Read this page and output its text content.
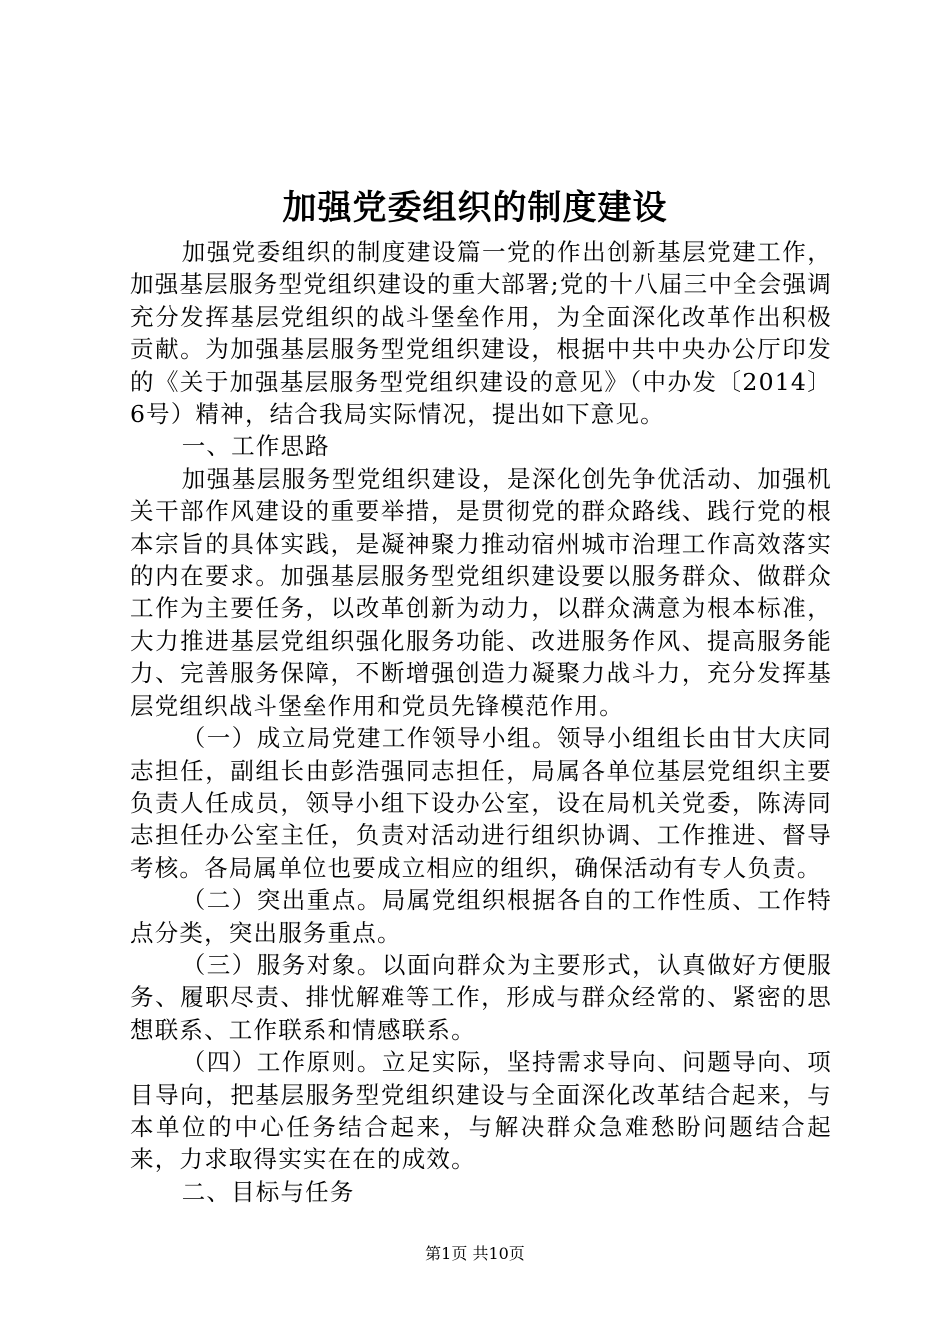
加强党委组织的制度建设

加强党委组织的制度建设篇一党的作出创新基层党建工作，加强基层服务型党组织建设的重大部署;党的十八届三中全会强调充分发挥基层党组织的战斗堡垒作用，为全面深化改革作出积极贡献。为加强基层服务型党组织建设，根据中共中央办公厅印发的《关于加强基层服务型党组织建设的意见》（中办发〔2014〕6号）精神，结合我局实际情况，提出如下意见。

一、工作思路

加强基层服务型党组织建设，是深化创先争优活动、加强机关干部作风建设的重要举措，是贯彻党的群众路线、践行党的根本宗旨的具体实践，是凝神聚力推动宿州城市治理工作高效落实的内在要求。加强基层服务型党组织建设要以服务群众、做群众工作为主要任务，以改革创新为动力，以群众满意为根本标准，大力推进基层党组织强化服务功能、改进服务作风、提高服务能力、完善服务保障，不断增强创造力凝聚力战斗力，充分发挥基层党组织战斗堡垒作用和党员先锋模范作用。

（一）成立局党建工作领导小组。领导小组组长由甘大庆同志担任，副组长由彭浩强同志担任，局属各单位基层党组织主要负责人任成员，领导小组下设办公室，设在局机关党委，陈涛同志担任办公室主任，负责对活动进行组织协调、工作推进、督导考核。各局属单位也要成立相应的组织，确保活动有专人负责。

（二）突出重点。局属党组织根据各自的工作性质、工作特点分类，突出服务重点。

（三）服务对象。以面向群众为主要形式，认真做好方便服务、履职尽责、排忧解难等工作，形成与群众经常的、紧密的思想联系、工作联系和情感联系。

（四）工作原则。立足实际，坚持需求导向、问题导向、项目导向，把基层服务型党组织建设与全面深化改革结合起来，与本单位的中心任务结合起来，与解决群众急难愁盼问题结合起来，力求取得实实在在的成效。

二、目标与任务

第1页 共10页
